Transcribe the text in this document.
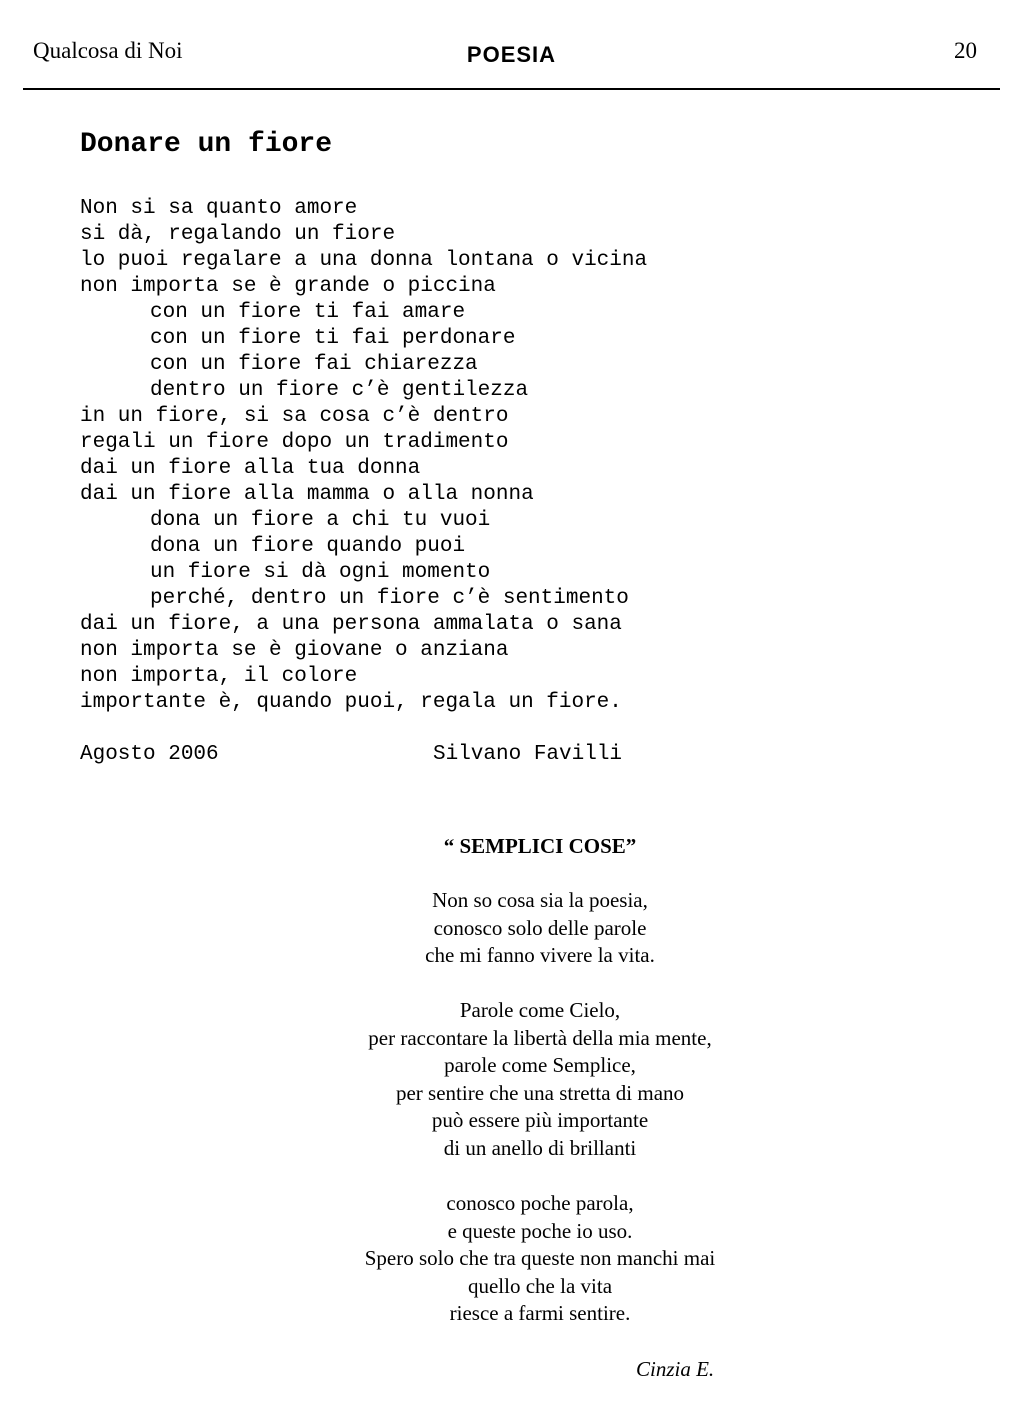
Qualcosa di Noi	POESIA	20
Donare un fiore
Non si sa quanto amore
si dà, regalando un fiore
lo puoi regalare a una donna lontana o vicina
non importa se è grande o piccina
con un fiore ti fai amare
con un fiore ti fai perdonare
con un fiore fai chiarezza
dentro un fiore c’è gentilezza
in un fiore, si sa cosa c’è dentro
regali un fiore dopo un tradimento
dai un fiore alla tua donna
dai un fiore alla mamma o alla nonna
dona un fiore a chi tu vuoi
dona un fiore quando puoi
un fiore si dà ogni momento
perché, dentro un fiore c’è sentimento
dai un fiore, a una persona ammalata o sana
non importa se è giovane o anziana
non importa, il colore
importante è, quando puoi, regala un fiore.
Agosto 2006	Silvano Favilli
“ SEMPLICI COSE”
Non so cosa sia la poesia,
conosco solo delle parole
che mi fanno vivere la vita.
Parole come Cielo,
per raccontare la libertà della mia mente,
parole come Semplice,
per sentire che una stretta di mano
può essere più importante
di un anello di brillanti
conosco poche parola,
e queste poche io uso.
Spero solo che tra queste non manchi mai
quello che la vita
riesce a farmi sentire.
Cinzia E.
